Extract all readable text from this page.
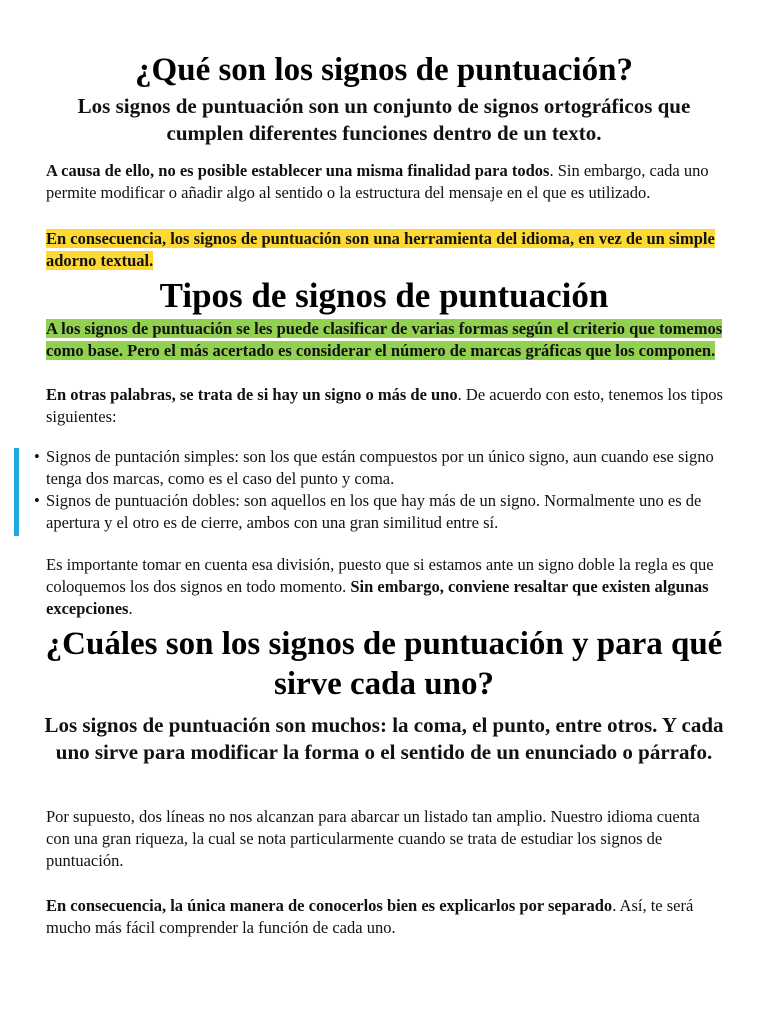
¿Qué son los signos de puntuación?
Los signos de puntuación son un conjunto de signos ortográficos que cumplen diferentes funciones dentro de un texto.

A causa de ello, no es posible establecer una misma finalidad para todos. Sin embargo, cada uno permite modificar o añadir algo al sentido o la estructura del mensaje en el que es utilizado.

En consecuencia, los signos de puntuación son una herramienta del idioma, en vez de un simple adorno textual.

Tipos de signos de puntuación

A los signos de puntuación se les puede clasificar de varias formas según el criterio que tomemos como base. Pero el más acertado es considerar el número de marcas gráficas que los componen.

En otras palabras, se trata de si hay un signo o más de uno. De acuerdo con esto, tenemos los tipos siguientes:

• Signos de puntación simples: son los que están compuestos por un único signo, aun cuando ese signo tenga dos marcas, como es el caso del punto y coma.
• Signos de puntuación dobles: son aquellos en los que hay más de un signo. Normalmente uno es de apertura y el otro es de cierre, ambos con una gran similitud entre sí.

Es importante tomar en cuenta esa división, puesto que si estamos ante un signo doble la regla es que coloquemos los dos signos en todo momento. Sin embargo, conviene resaltar que existen algunas excepciones.

¿Cuáles son los signos de puntuación y para qué sirve cada uno?
Los signos de puntuación son muchos: la coma, el punto, entre otros. Y cada uno sirve para modificar la forma o el sentido de un enunciado o párrafo.

Por supuesto, dos líneas no nos alcanzan para abarcar un listado tan amplio. Nuestro idioma cuenta con una gran riqueza, la cual se nota particularmente cuando se trata de estudiar los signos de puntuación.

En consecuencia, la única manera de conocerlos bien es explicarlos por separado. Así, te será mucho más fácil comprender la función de cada uno.
